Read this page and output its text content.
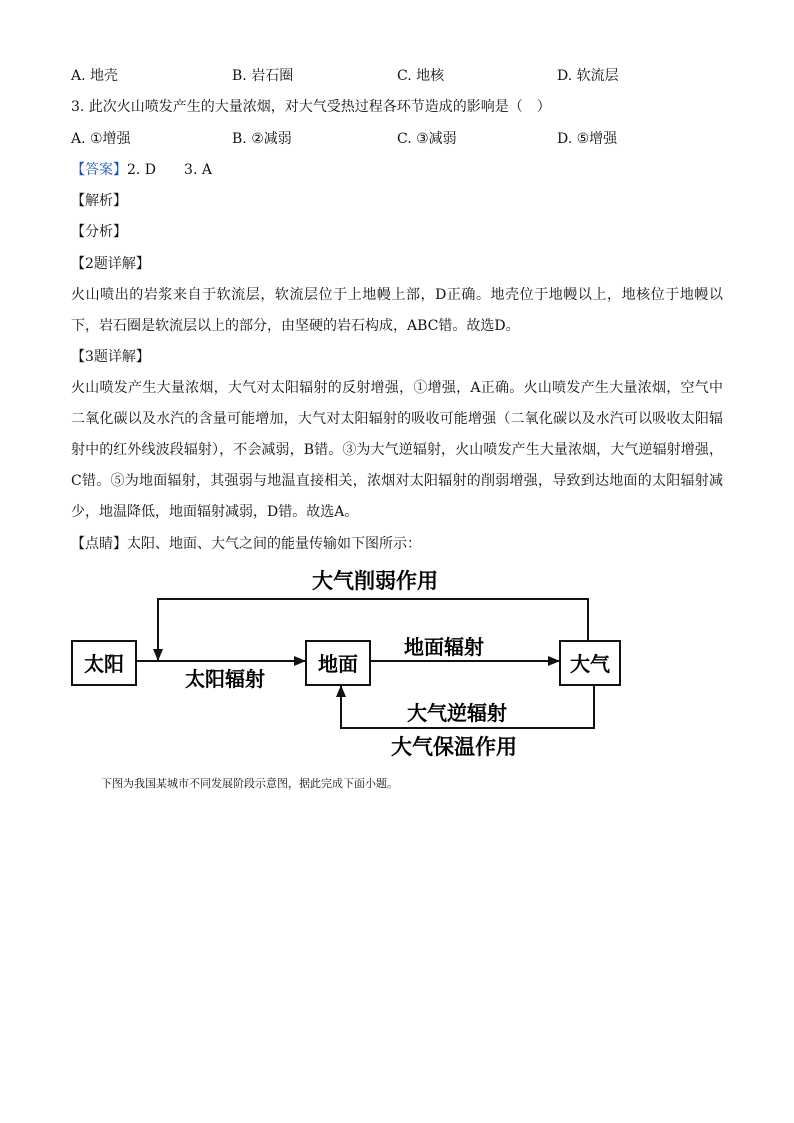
A. 地壳	B. 岩石圈	C. 地核	D. 软流层
3. 此次火山喷发产生的大量浓烟，对大气受热过程各环节造成的影响是（　）
A. ①增强	B. ②减弱	C. ③减弱	D. ⑤增强
【答案】2. D　　3. A
【解析】
【分析】
【2题详解】
火山喷出的岩浆来自于软流层，软流层位于上地幔上部，D正确。地壳位于地幔以上，地核位于地幔以下，岩石圈是软流层以上的部分，由坚硬的岩石构成，ABC错。故选D。
【3题详解】
火山喷发产生大量浓烟，大气对太阳辐射的反射增强，①增强，A正确。火山喷发产生大量浓烟，空气中二氧化碳以及水汽的含量可能增加，大气对太阳辐射的吸收可能增强（二氧化碳以及水汽可以吸收太阳辐射中的红外线波段辐射），不会减弱，B错。③为大气逆辐射，火山喷发产生大量浓烟，大气逆辐射增强，C错。⑤为地面辐射，其强弱与地温直接相关，浓烟对太阳辐射的削弱增强，导致到达地面的太阳辐射减少，地温降低，地面辐射减弱，D错。故选A。
【点睛】太阳、地面、大气之间的能量传输如下图所示：
太阳	地面	大气
太阳辐射
地面辐射
大气削弱作用
大气逆辐射
大气保温作用
下图为我国某城市不同发展阶段示意图，据此完成下面小题。
